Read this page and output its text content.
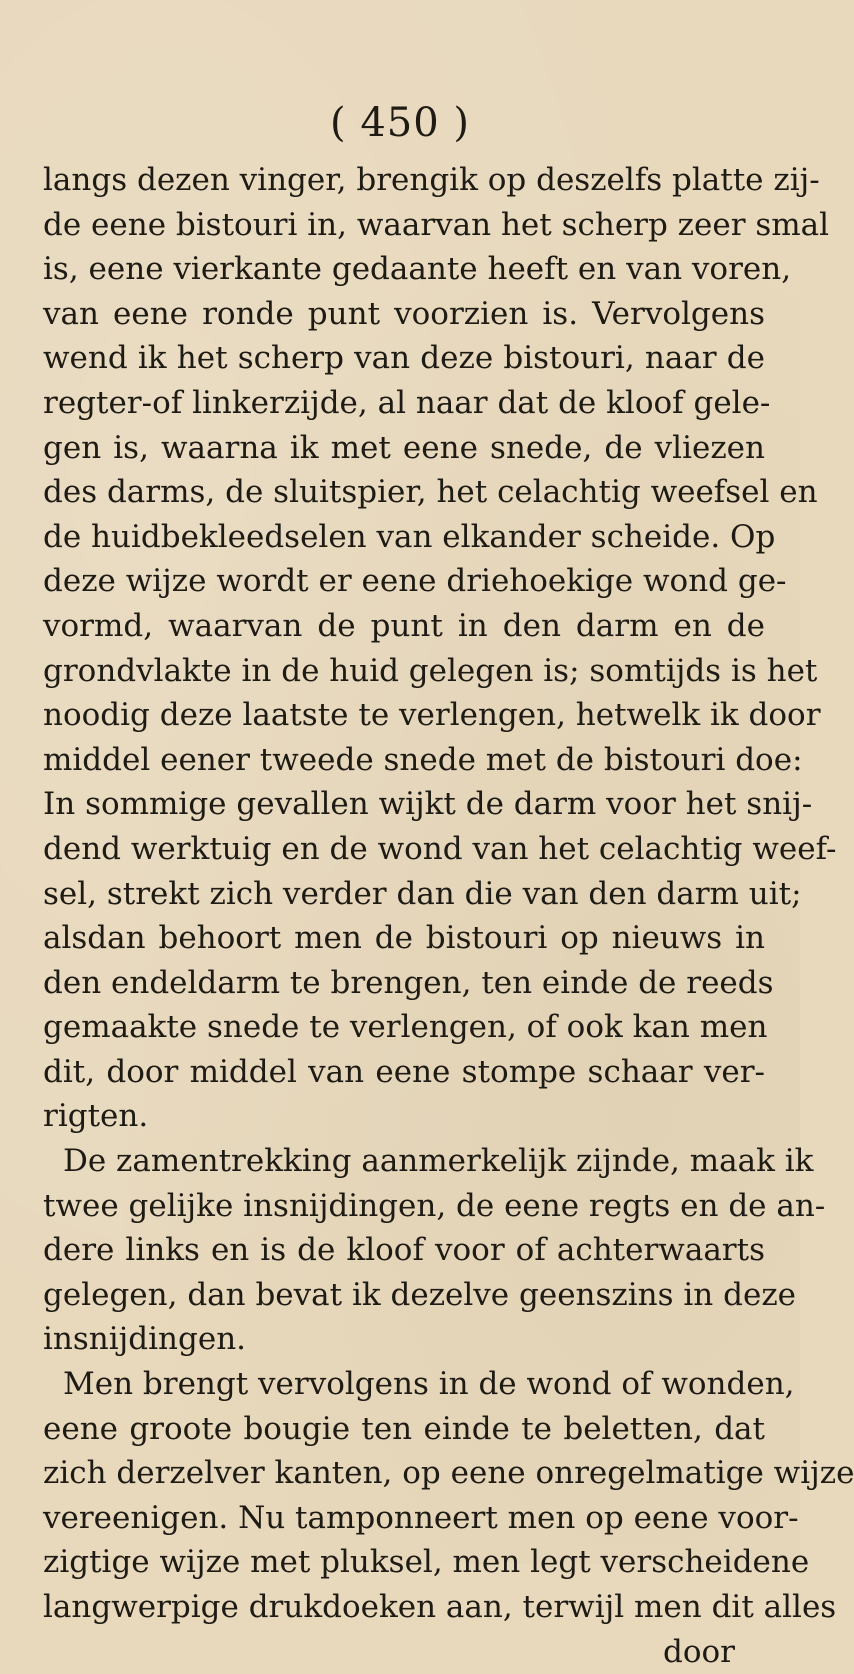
( 450 )
langs dezen vinger, brengik op deszelfs platte zij-
de eene bistouri in, waarvan het scherp zeer smal
is, eene vierkante gedaante heeft en van voren,
van eene ronde punt voorzien is. Vervolgens
wend ik het scherp van deze bistouri, naar de
regter-of linkerzijde, al naar dat de kloof gele-
gen is, waarna ik met eene snede, de vliezen
des darms, de sluitspier, het celachtig weefsel en
de huidbekleedselen van elkander scheide. Op
deze wijze wordt er eene driehoekige wond ge-
vormd, waarvan de punt in den darm en de
grondvlakte in de huid gelegen is; somtijds is het
noodig deze laatste te verlengen, hetwelk ik door
middel eener tweede snede met de bistouri doe:
In sommige gevallen wijkt de darm voor het snij-
dend werktuig en de wond van het celachtig weef-
sel, strekt zich verder dan die van den darm uit;
alsdan behoort men de bistouri op nieuws in
den endeldarm te brengen, ten einde de reeds
gemaakte snede te verlengen, of ook kan men
dit, door middel van eene stompe schaar ver-
rigten.
De zamentrekking aanmerkelijk zijnde, maak ik
twee gelijke insnijdingen, de eene regts en de an-
dere links en is de kloof voor of achterwaarts
gelegen, dan bevat ik dezelve geenszins in deze
insnijdingen.
Men brengt vervolgens in de wond of wonden,
eene groote bougie ten einde te beletten, dat
zich derzelver kanten, op eene onregelmatige wijze
vereenigen. Nu tamponneert men op eene voor-
zigtige wijze met pluksel, men legt verscheidene
langwerpige drukdoeken aan, terwijl men dit alles
door
